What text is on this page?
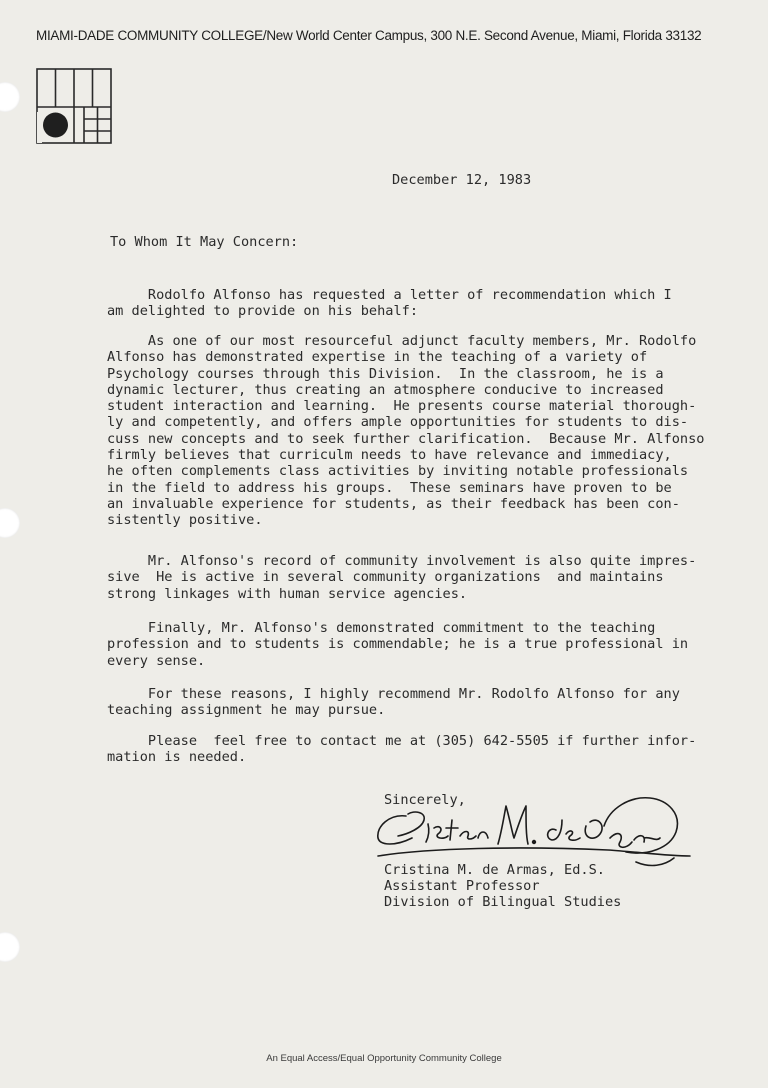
MIAMI-DADE COMMUNITY COLLEGE/New World Center Campus, 300 N.E. Second Avenue, Miami, Florida 33132
December 12, 1983
To Whom It May Concern:
Rodolfo Alfonso has requested a letter of recommendation which I
am delighted to provide on his behalf:
As one of our most resourceful adjunct faculty members, Mr. Rodolfo
Alfonso has demonstrated expertise in the teaching of a variety of
Psychology courses through this Division.  In the classroom, he is a
dynamic lecturer, thus creating an atmosphere conducive to increased
student interaction and learning.  He presents course material thorough-
ly and competently, and offers ample opportunities for students to dis-
cuss new concepts and to seek further clarification.  Because Mr. Alfonso
firmly believes that curriculm needs to have relevance and immediacy,
he often complements class activities by inviting notable professionals
in the field to address his groups.  These seminars have proven to be
an invaluable experience for students, as their feedback has been con-
sistently positive.
Mr. Alfonso's record of community involvement is also quite impres-
sive  He is active in several community organizations  and maintains
strong linkages with human service agencies.
Finally, Mr. Alfonso's demonstrated commitment to the teaching
profession and to students is commendable; he is a true professional in
every sense.
For these reasons, I highly recommend Mr. Rodolfo Alfonso for any
teaching assignment he may pursue.
Please  feel free to contact me at (305) 642-5505 if further infor-
mation is needed.
Sincerely,
Cristina M. de Armas, Ed.S.
Assistant Professor
Division of Bilingual Studies
An Equal Access/Equal Opportunity Community College
